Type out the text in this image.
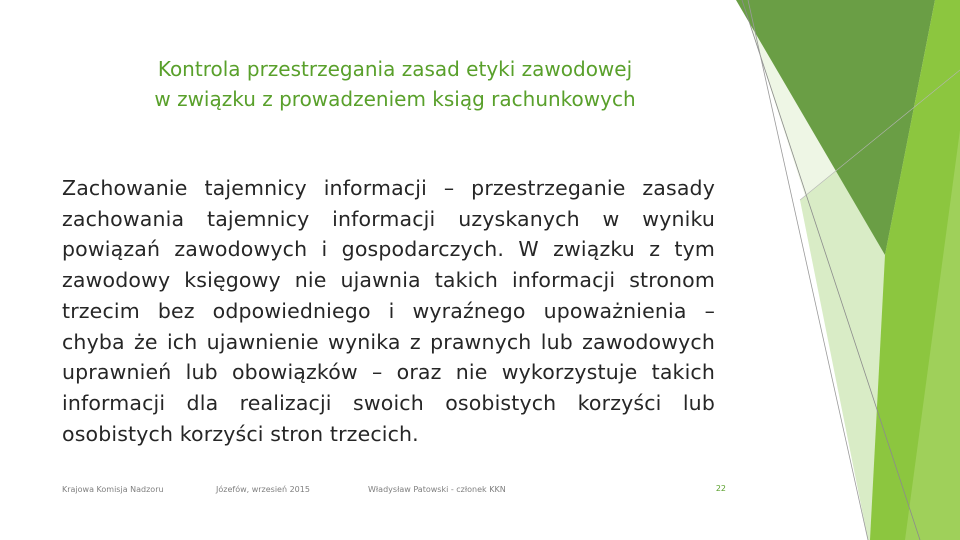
Kontrola przestrzegania zasad etyki zawodowej
w związku z prowadzeniem ksiąg rachunkowych
Zachowanie tajemnicy informacji – przestrzeganie zasady zachowania tajemnicy informacji uzyskanych w wyniku powiązań zawodowych i gospodarczych. W związku z tym zawodowy księgowy nie ujawnia takich informacji stronom trzecim bez odpowiedniego i wyraźnego upoważnienia – chyba że ich ujawnienie wynika z prawnych lub zawodowych uprawnień lub obowiązków – oraz nie wykorzystuje takich informacji dla realizacji swoich osobistych korzyści lub osobistych korzyści stron trzecich.
Krajowa Komisja Nadzoru	Józefów, wrzesień 2015	Władysław Patowski - członek KKN	22
